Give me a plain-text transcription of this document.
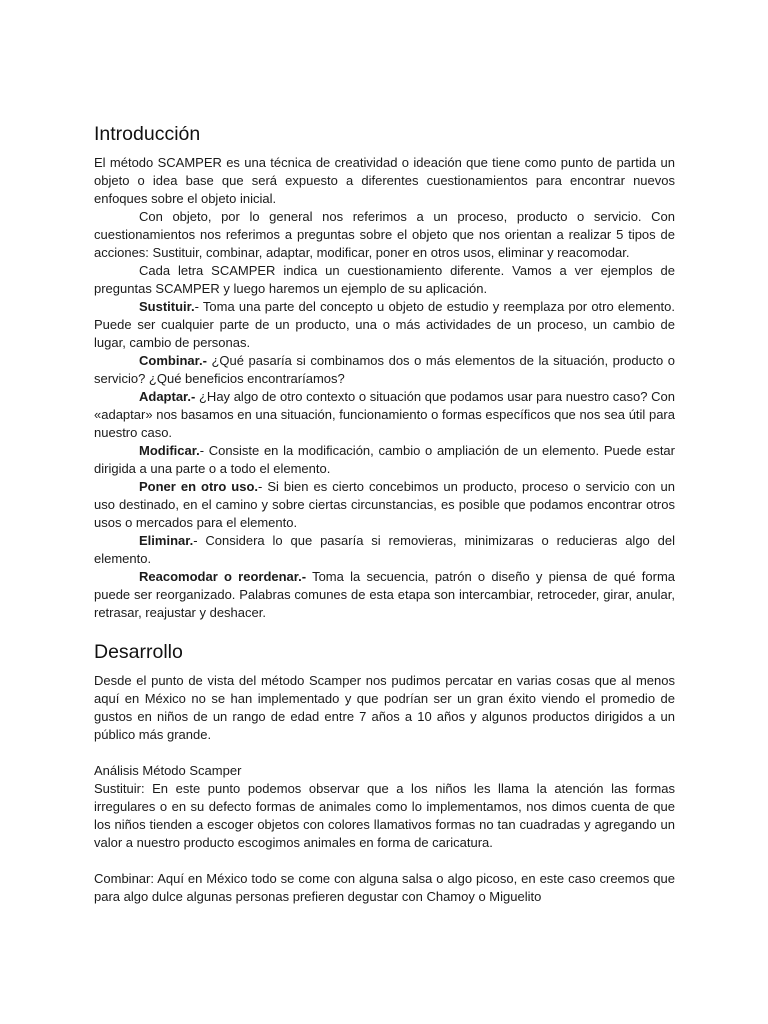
Introducción

El método SCAMPER es una técnica de creatividad o ideación que tiene como punto de partida un objeto o idea base que será expuesto a diferentes cuestionamientos para encontrar nuevos enfoques sobre el objeto inicial.

Con objeto, por lo general nos referimos a un proceso, producto o servicio. Con cuestionamientos nos referimos a preguntas sobre el objeto que nos orientan a realizar 5 tipos de acciones: Sustituir, combinar, adaptar, modificar, poner en otros usos, eliminar y reacomodar.

Cada letra SCAMPER indica un cuestionamiento diferente. Vamos a ver ejemplos de preguntas SCAMPER y luego haremos un ejemplo de su aplicación.

Sustituir.- Toma una parte del concepto u objeto de estudio y reemplaza por otro elemento. Puede ser cualquier parte de un producto, una o más actividades de un proceso, un cambio de lugar, cambio de personas.

Combinar.- ¿Qué pasaría si combinamos dos o más elementos de la situación, producto o servicio? ¿Qué beneficios encontraríamos?

Adaptar.- ¿Hay algo de otro contexto o situación que podamos usar para nuestro caso? Con «adaptar» nos basamos en una situación, funcionamiento o formas específicos que nos sea útil para nuestro caso.

Modificar.- Consiste en la modificación, cambio o ampliación de un elemento. Puede estar dirigida a una parte o a todo el elemento.

Poner en otro uso.- Si bien es cierto concebimos un producto, proceso o servicio con un uso destinado, en el camino y sobre ciertas circunstancias, es posible que podamos encontrar otros usos o mercados para el elemento.

Eliminar.- Considera lo que pasaría si removieras, minimizaras o reducieras algo del elemento.

Reacomodar o reordenar.- Toma la secuencia, patrón o diseño y piensa de qué forma puede ser reorganizado. Palabras comunes de esta etapa son intercambiar, retroceder, girar, anular, retrasar, reajustar y deshacer.

Desarrollo

Desde el punto de vista del método Scamper nos pudimos percatar en varias cosas que al menos aquí en México no se han implementado y que podrían ser un gran éxito viendo el promedio de gustos en niños de un rango de edad entre 7 años a 10 años y algunos productos dirigidos a un público más grande.

Análisis Método Scamper

Sustituir: En este punto podemos observar que a los niños les llama la atención las formas irregulares o en su defecto formas de animales como lo implementamos, nos dimos cuenta de que los niños tienden a escoger objetos con colores llamativos formas no tan cuadradas y agregando un valor a nuestro producto escogimos animales en forma de caricatura.

Combinar: Aquí en México todo se come con alguna salsa o algo picoso, en este caso creemos que para algo dulce algunas personas prefieren degustar con Chamoy o Miguelito
